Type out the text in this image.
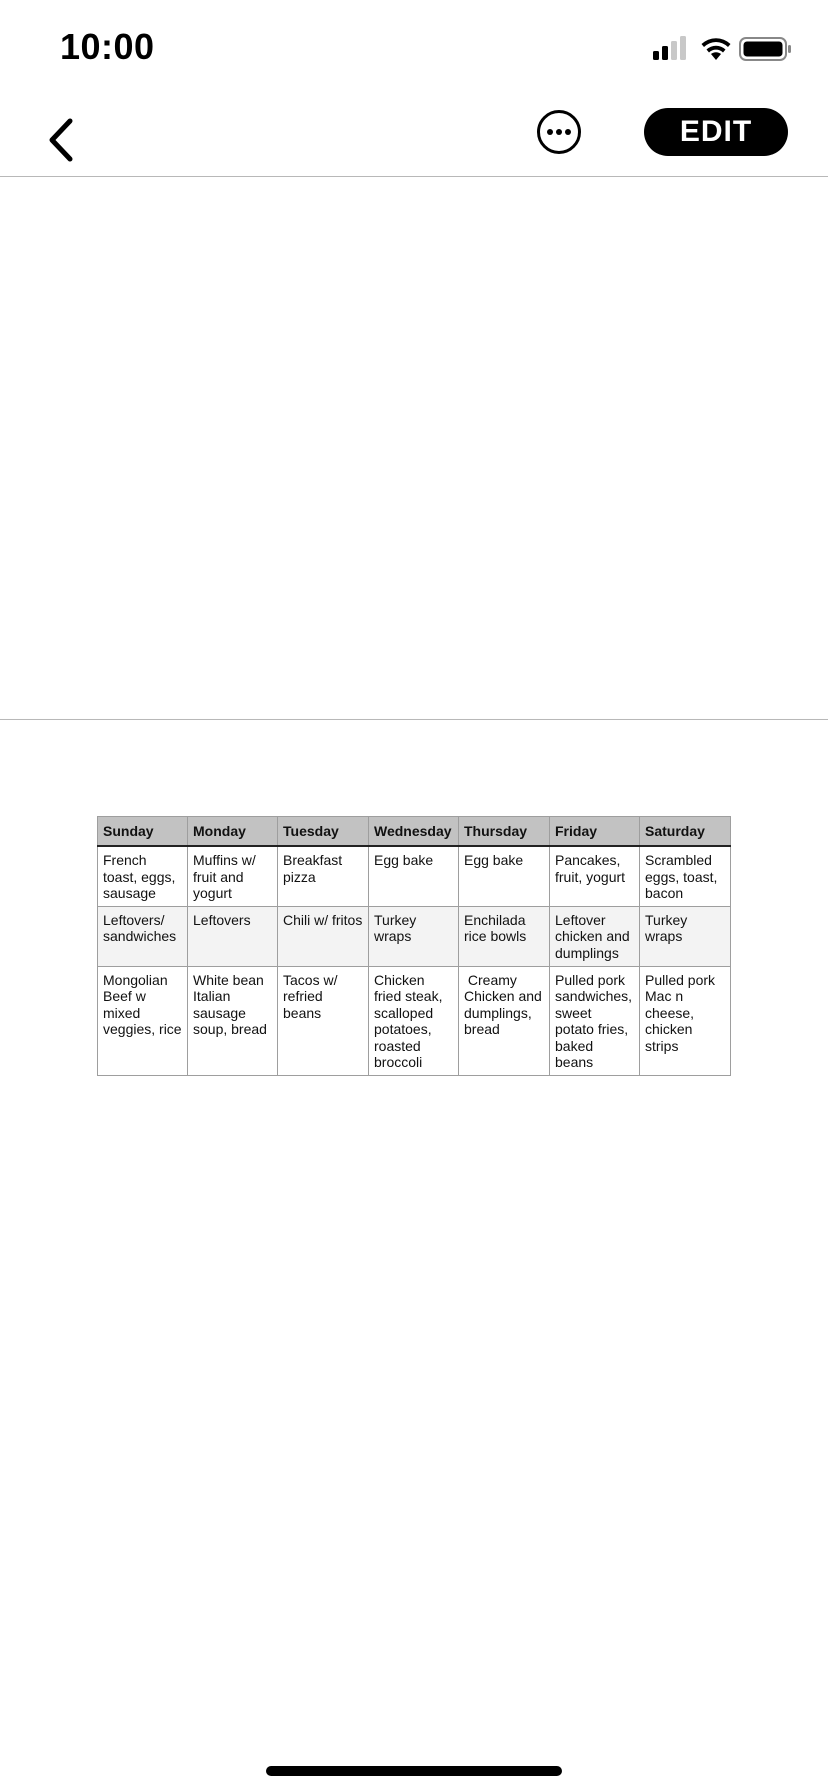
10:00
EDIT
Sunday	Monday	Tuesday	Wednesday	Thursday	Friday	Saturday
French toast, eggs, sausage	Muffins w/ fruit and yogurt	Breakfast pizza	Egg bake	Egg bake	Pancakes, fruit, yogurt	Scrambled eggs, toast, bacon
Leftovers/ sandwiches	Leftovers	Chili w/ fritos	Turkey wraps	Enchilada rice bowls	Leftover chicken and dumplings	Turkey wraps
Mongolian Beef w mixed veggies, rice	White bean Italian sausage soup, bread	Tacos w/ refried beans	Chicken fried steak, scalloped potatoes, roasted broccoli	Creamy Chicken and dumplings, bread	Pulled pork sandwiches, sweet potato fries, baked beans	Pulled pork Mac n cheese, chicken strips
